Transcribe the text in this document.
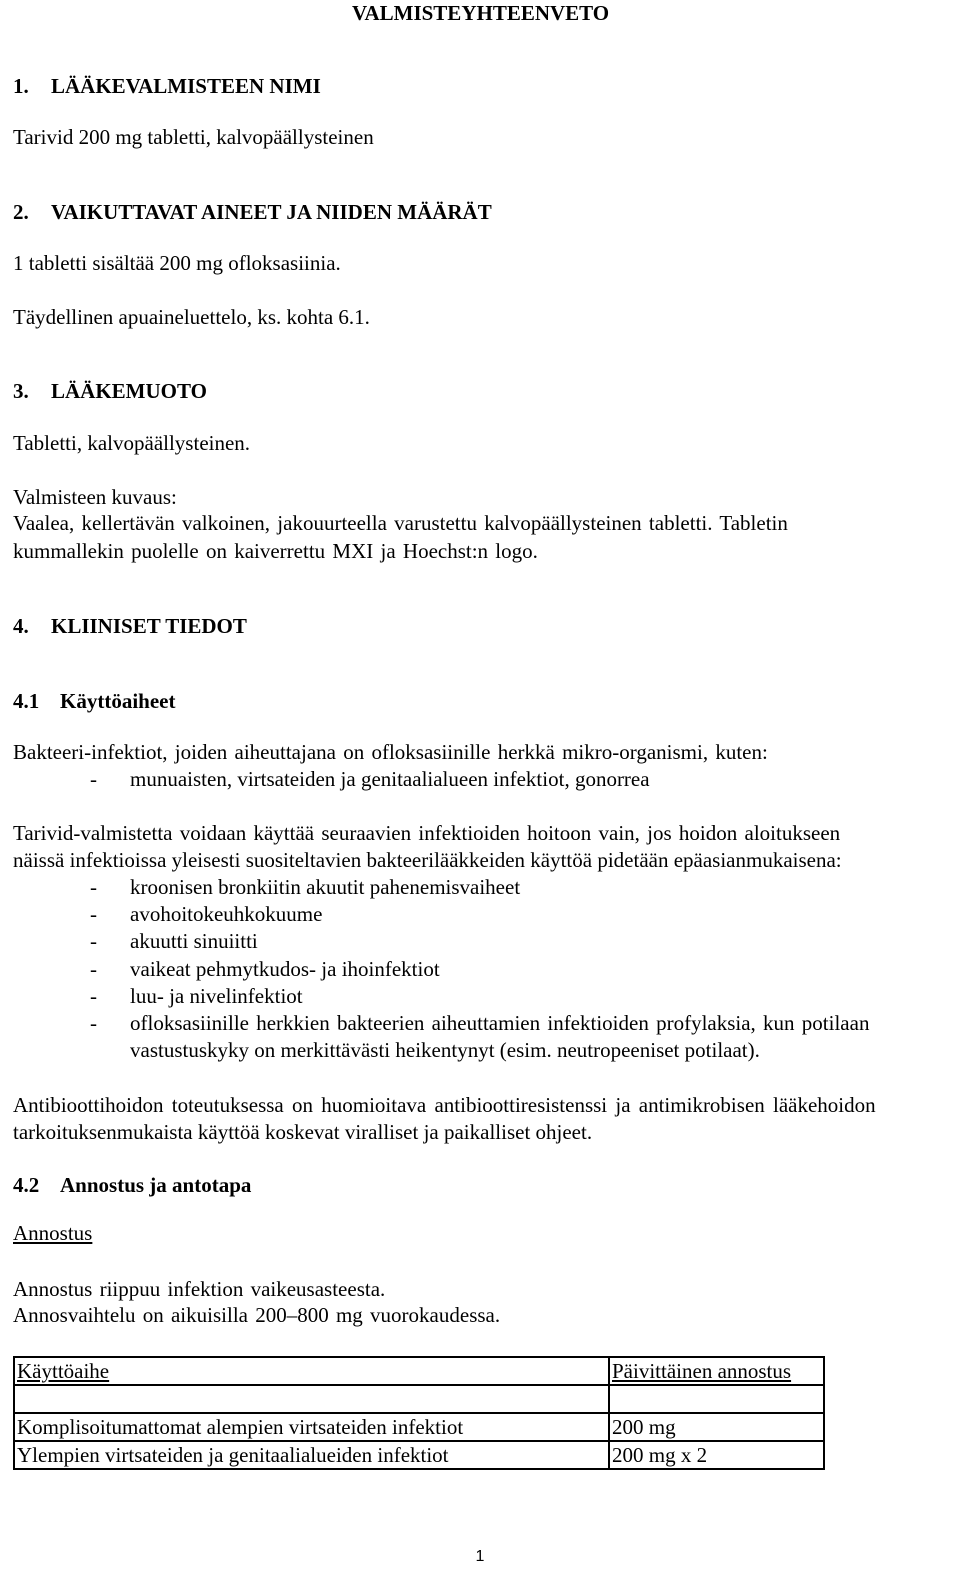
VALMISTEYHTEENVETO
1. LÄÄKEVALMISTEEN NIMI
Tarivid 200 mg tabletti, kalvopäällysteinen
2. VAIKUTTAVAT AINEET JA NIIDEN MÄÄRÄT
1 tabletti sisältää 200 mg ofloksasiinia.
Täydellinen apuaineluettelo, ks. kohta 6.1.
3. LÄÄKEMUOTO
Tabletti, kalvopäällysteinen.
Valmisteen kuvaus:
Vaalea, kellertävän valkoinen, jakouurteella varustettu kalvopäällysteinen tabletti. Tabletin
kummallekin puolelle on kaiverrettu MXI ja Hoechst:n logo.
4. KLIINISET TIEDOT
4.1 Käyttöaiheet
Bakteeri-infektiot, joiden aiheuttajana on ofloksasiinille herkkä mikro-organismi, kuten:
- munuaisten, virtsateiden ja genitaalialueen infektiot, gonorrea
Tarivid-valmistetta voidaan käyttää seuraavien infektioiden hoitoon vain, jos hoidon aloitukseen
näissä infektioissa yleisesti suositeltavien bakteerilääkkeiden käyttöä pidetään epäasianmukaisena:
- kroonisen bronkiitin akuutit pahenemisvaiheet
- avohoitokeuhkokuume
- akuutti sinuiitti
- vaikeat pehmytkudos- ja ihoinfektiot
- luu- ja nivelinfektiot
- ofloksasiinille herkkien bakteerien aiheuttamien infektioiden profylaksia, kun potilaan
vastustuskyky on merkittävästi heikentynyt (esim. neutropeeniset potilaat).
Antibioottihoidon toteutuksessa on huomioitava antibioottiresistenssi ja antimikrobisen lääkehoidon
tarkoituksenmukaista käyttöä koskevat viralliset ja paikalliset ohjeet.
4.2 Annostus ja antotapa
Annostus
Annostus riippuu infektion vaikeusasteesta.
Annosvaihtelu on aikuisilla 200–800 mg vuorokaudessa.
Käyttöaihe	Päivittäinen annostus

Komplisoitumattomat alempien virtsateiden infektiot	200 mg
Ylempien virtsateiden ja genitaalialueiden infektiot	200 mg x 2
1
